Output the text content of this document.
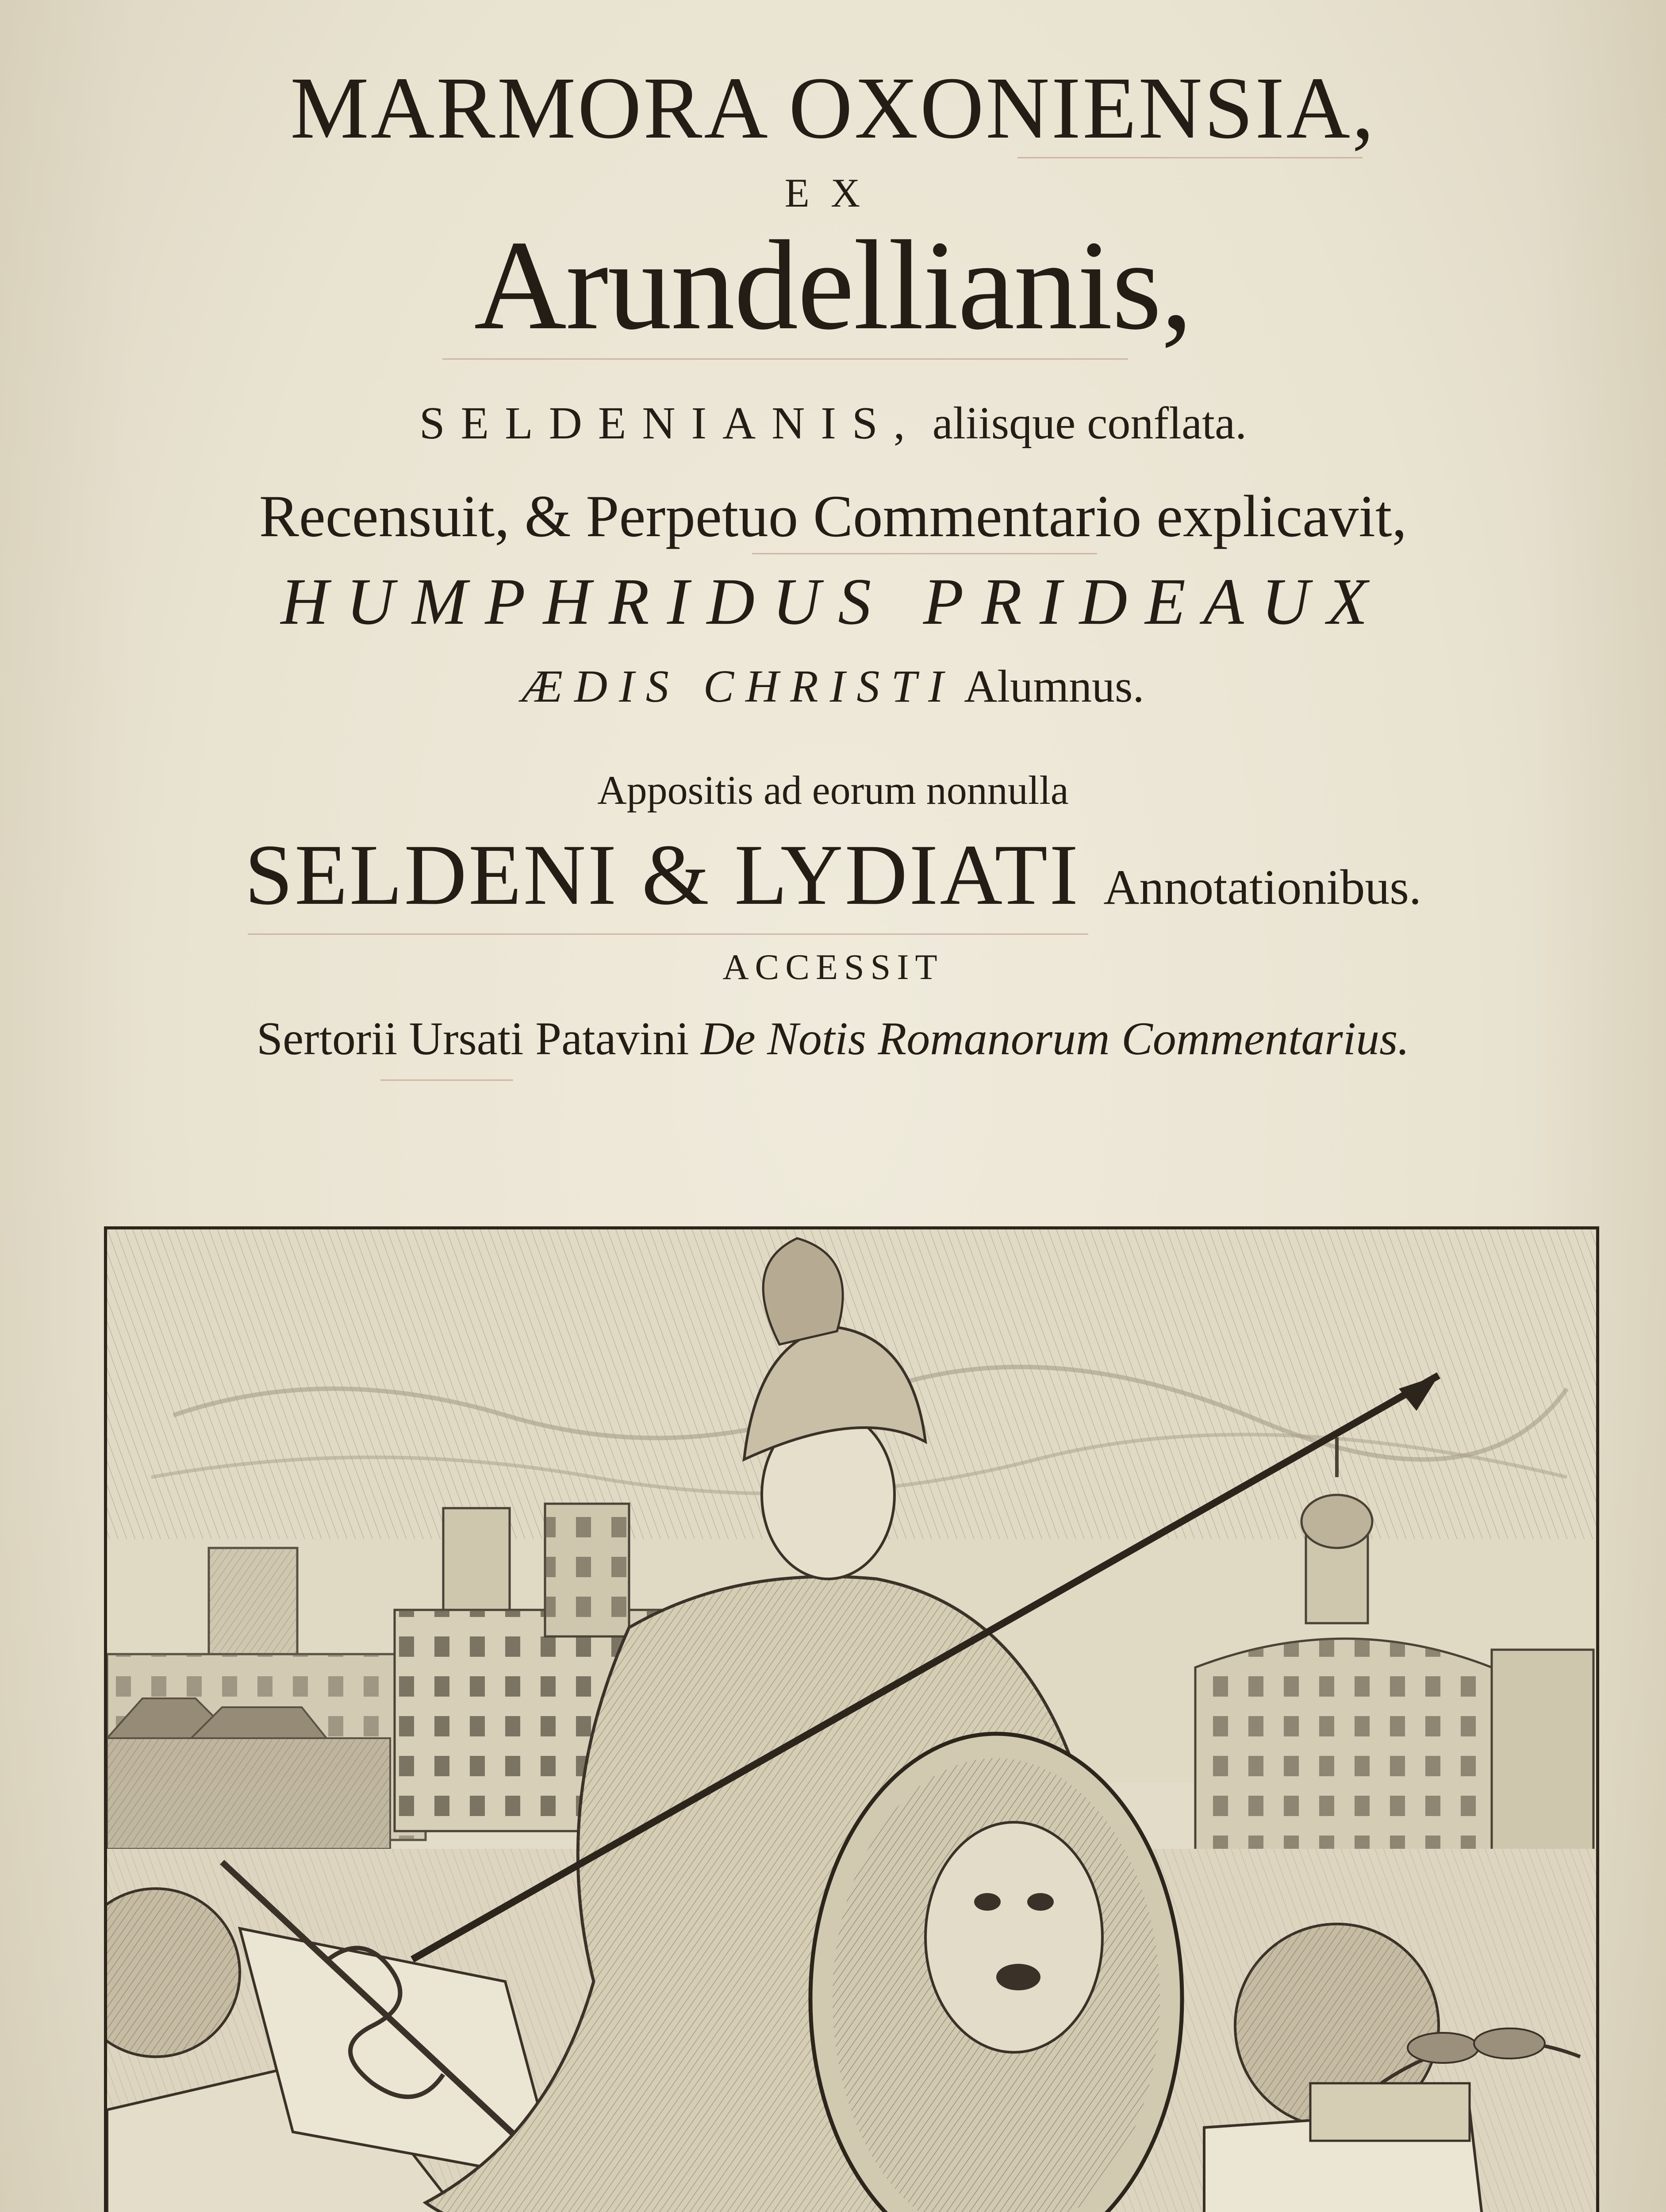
MARMORA OXONIENSIA,
EX
Arundellianis,
SELDENIANIS, aliisque conflata.
Recensuit, & Perpetuo Commentario explicavit,
HUMPHRIDUS PRIDEAUX
ÆDIS CHRISTI Alumnus.
Appositis ad eorum nonnulla
SELDENI & LYDIATI Annotationibus.
ACCESSIT
Sertorii Ursati Patavini De Notis Romanorum Commentarius.
